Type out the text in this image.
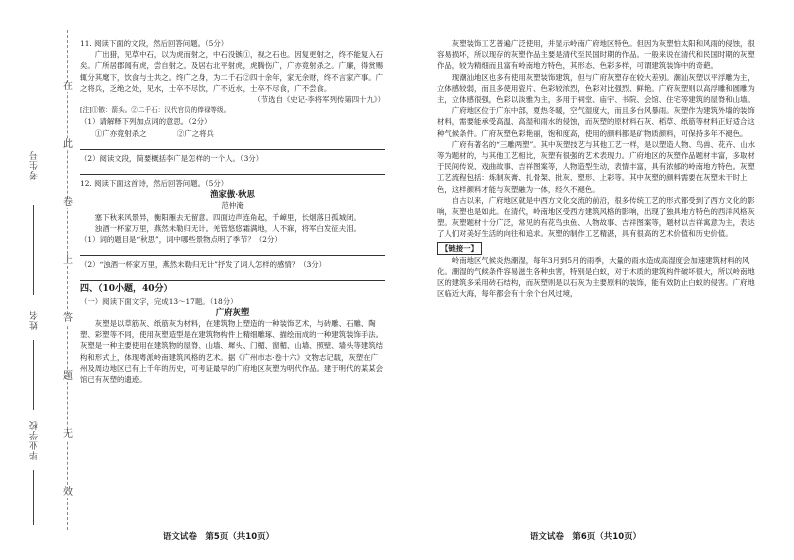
考生号
姓名
毕业学校
在
此
卷
上
答
题
无
效

11. 阅读下面的文段，然后回答问题。（5分）

广出猎，见草中石，以为虎而射之，中石没镞①，视之石也。因复更射之，终不能复入石矣。广所居郡闻有虎，尝自射之。及居右北平射虎，虎腾伤广，广亦竟射杀之。广廉，得赏赐辄分其麾下，饮食与士共之。终广之身，为二千石②四十余年，家无余财，终不言家产事。广之将兵，乏绝之处，见水，士卒不尽饮，广不近水，士卒不尽食，广不尝食。

（节选自《史记·李将军列传第四十九》）

[注]①镞：箭头。②二千石：汉代官员的俸禄等级。

（1）请解释下列加点词的意思。（2分）

①广亦竟射杀之	②广之将兵

（2）阅读文段，简要概括李广是怎样的一个人。（3分）

12. 阅读下面这首诗，然后回答问题。（5分）

渔家傲·秋思

范仲淹

塞下秋来风景异，衡阳雁去无留意。四面边声连角起，千嶂里，长烟落日孤城闭。

浊酒一杯家万里，燕然未勒归无计。羌管悠悠霜满地，人不寐，将军白发征夫泪。

（1）词的题目是“秋思”，词中哪些景物点明了季节？（2分）

（2）“浊酒一杯家万里，燕然未勒归无计”抒发了词人怎样的感情？（3分）

四、（10小题，40分）

（一）阅读下面文字，完成13～17题。（18分）

广府灰塑

灰塑是以草筋灰、纸筋灰为材料，在建筑物上塑造的一种装饰艺术，与砖雕、石雕、陶塑、彩塑等不同，使用灰塑造型是在建筑物构件上精细雕琢、描绘而成的一种建筑装饰手法。灰塑是一种主要使用在建筑物的屋脊、山墙、墀头、门楣、窗楣、山墙、照壁、墙头等建筑结构和形式上，体现粤派岭南建筑风格的艺术。据《广州市志·卷十六》文物志记载，灰塑在广州及周边地区已有上千年的历史，可考证最早的广府地区灰塑为明代作品。建于明代的某某会馆已有灰塑的遗迹。

语文试卷　第5页（共10页）

灰塑装饰工艺普遍广泛使用，并显示岭南广府地区特色。但因为灰塑怕太阳和风雨的侵蚀，很容易损坏，所以现存的灰塑作品主要是清代至民国时期的作品。一般来说在清代和民国时期的灰塑作品，较为精细而且富有岭南地方特色，其形态、色彩多样，可谓建筑装饰中的奇葩。

现潮汕地区也多有使用灰塑装饰建筑，但与广府灰塑存在较大差别。潮汕灰塑以平浮雕为主，立体感较弱，而且多使用瓷片、色彩较浓烈，色彩对比强烈、鲜艳。广府灰塑则以高浮雕和圆雕为主，立体感很强，色彩以淡雅为主，多用于祠堂、庙宇、书院、会馆、住宅等建筑的屋脊和山墙。

广府地区位于广东中部，夏热冬暖，空气湿度大，而且多台风暴雨。灰塑作为建筑外墙的装饰材料，需要能承受高温、高湿和雨水的侵蚀，而灰塑的原材料石灰、稻草、纸筋等材料正好适合这种气候条件。广府灰塑色彩艳丽，饱和度高，使用的颜料都是矿物质颜料，可保持多年不褪色。

广府有著名的“三雕两塑”。其中灰塑技艺与其他工艺一样，是以塑造人物、鸟兽、花卉、山水等为题材的，与其他工艺相比，灰塑有很强的艺术表现力。广府地区的灰塑作品题材丰富，多取材于民间传说、戏曲故事、吉祥图案等，人物造型生动，表情丰富，具有浓郁的岭南地方特色。灰塑工艺流程包括：炼制灰膏、扎骨架、批灰、塑形、上彩等。其中灰塑的颜料需要在灰塑未干时上色，这样颜料才能与灰塑融为一体，经久不褪色。

自古以来，广府地区就是中西方文化交流的前沿，很多传统工艺的形式都受到了西方文化的影响，灰塑也是如此。在清代，岭南地区受西方建筑风格的影响，出现了独具地方特色的西洋风格灰塑。灰塑题材十分广泛，常见的有花鸟虫鱼、人物故事、吉祥图案等，题材以吉祥寓意为主，表达了人们对美好生活的向往和追求。灰塑的制作工艺精湛，具有很高的艺术价值和历史价值。

【链接一】

岭南地区气候炎热潮湿，每年3月到5月的雨季，大量的雨水造成高湿度会加速建筑材料的风化。潮湿的气候条件容易滋生各种虫害，特别是白蚁，对于木质的建筑构件破坏很大，所以岭南地区的建筑多采用砖石结构，而灰塑则是以石灰为主要原料的装饰，能有效防止白蚁的侵害。广府地区临近大海，每年都会有十余个台风过境，

语文试卷　第6页（共10页）
